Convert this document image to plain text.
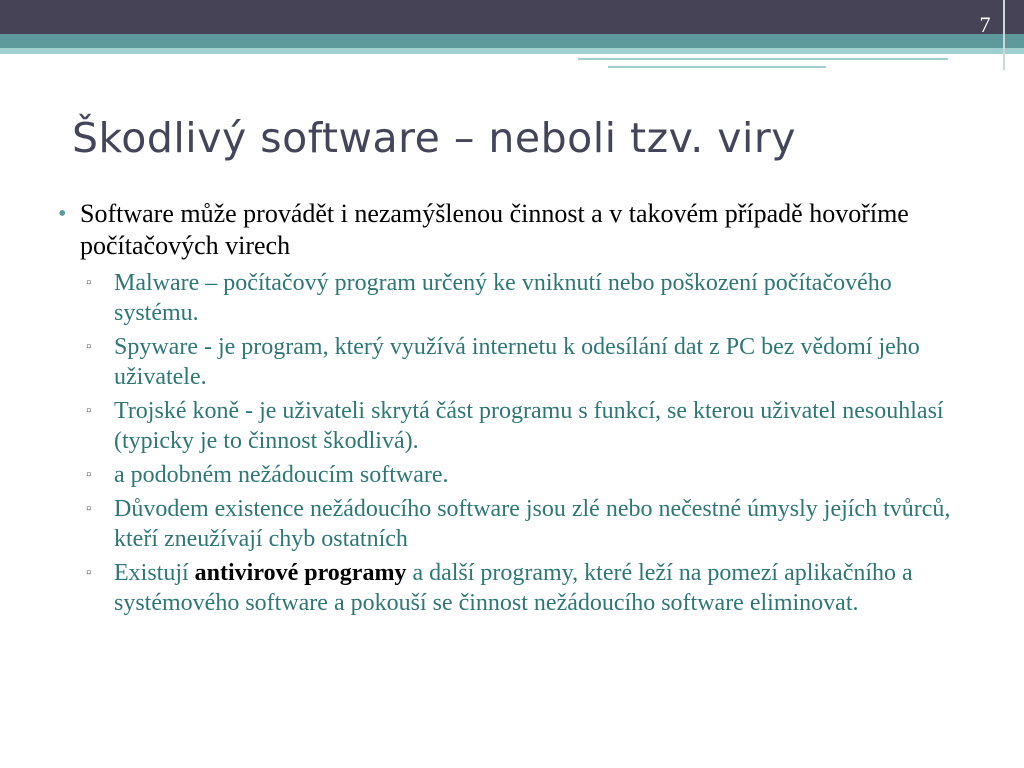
7
Škodlivý software – neboli tzv. viry
• Software může provádět i nezamýšlenou činnost a v takovém případě hovoříme počítačových virech
▫ Malware – počítačový program určený ke vniknutí nebo poškození počítačového systému.
▫ Spyware - je program, který využívá internetu k odesílání dat z PC bez vědomí jeho uživatele.
▫ Trojské koně - je uživateli skrytá část programu s funkcí, se kterou uživatel nesouhlasí (typicky je to činnost škodlivá).
▫ a podobném nežádoucím software.
▫ Důvodem existence nežádoucího software jsou zlé nebo nečestné úmysly jejích tvůrců, kteří zneužívají chyb ostatních
▫ Existují antivirové programy a další programy, které leží na pomezí aplikačního a systémového software a pokouší se činnost nežádoucího software eliminovat.
